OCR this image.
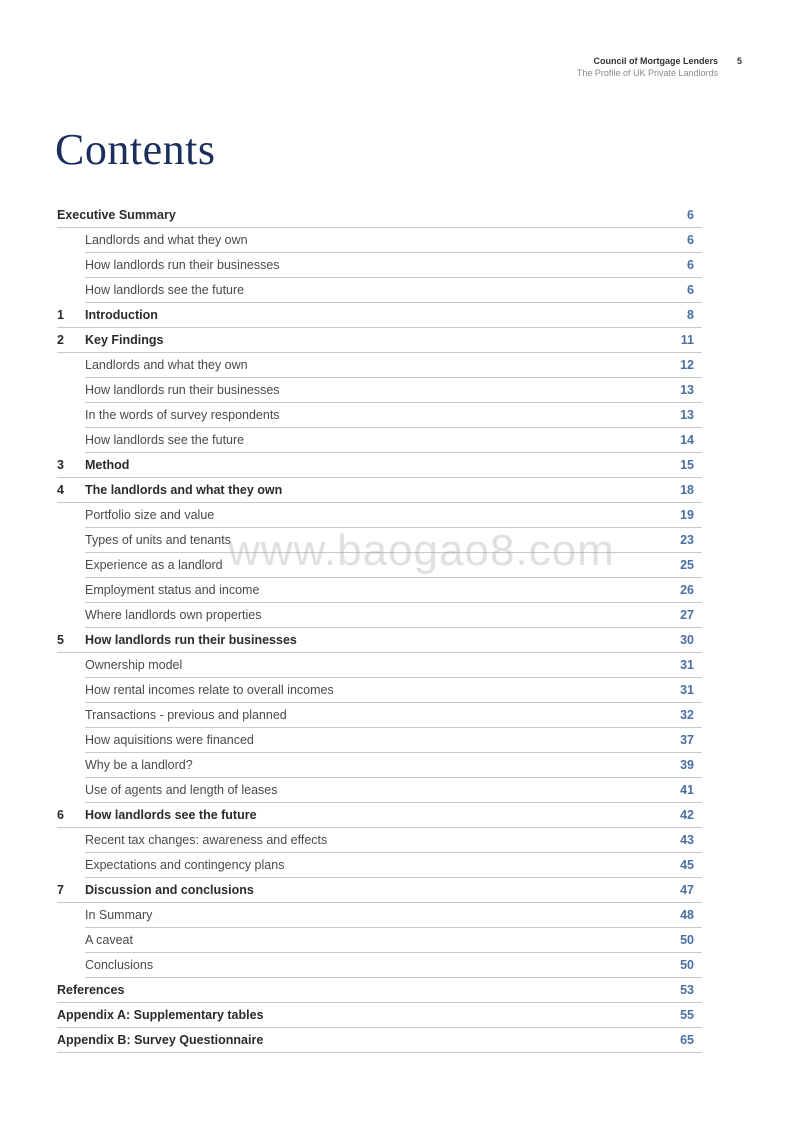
Council of Mortgage Lenders
The Profile of UK Private Landlords
5
Contents
Executive Summary	6
Landlords and what they own	6
How landlords run their businesses	6
How landlords see the future	6
1 Introduction	8
2 Key Findings	11
Landlords and what they own	12
How landlords run their businesses	13
In the words of survey respondents	13
How landlords see the future	14
3 Method	15
4 The landlords and what they own	18
Portfolio size and value	19
Types of units and tenants	23
Experience as a landlord	25
Employment status and income	26
Where landlords own properties	27
5 How landlords run their businesses	30
Ownership model	31
How rental incomes relate to overall incomes	31
Transactions - previous and planned	32
How aquisitions were financed	37
Why be a landlord?	39
Use of agents and length of leases	41
6 How landlords see the future	42
Recent tax changes: awareness and effects	43
Expectations and contingency plans	45
7 Discussion and conclusions	47
In Summary	48
A caveat	50
Conclusions	50
References	53
Appendix A: Supplementary tables	55
Appendix B: Survey Questionnaire	65
www.baogao8.com
